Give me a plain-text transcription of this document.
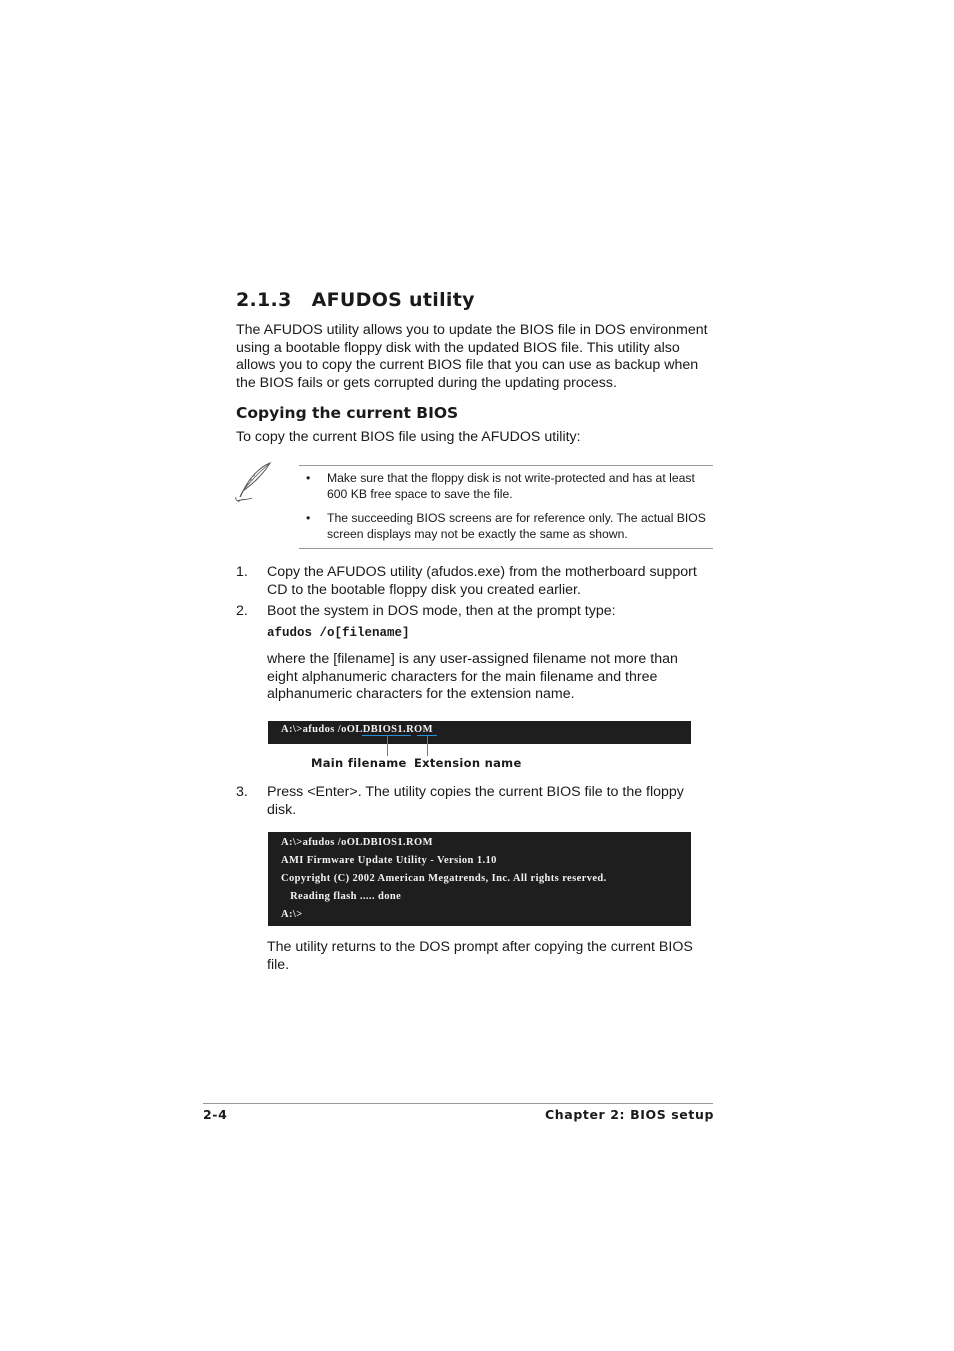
2.1.3 AFUDOS utility
The AFUDOS utility allows you to update the BIOS file in DOS environment using a bootable floppy disk with the updated BIOS file. This utility also allows you to copy the current BIOS file that you can use as backup when the BIOS fails or gets corrupted during the updating process.
Copying the current BIOS
To copy the current BIOS file using the AFUDOS utility:
• Make sure that the floppy disk is not write-protected and has at least 600 KB free space to save the file.
• The succeeding BIOS screens are for reference only. The actual BIOS screen displays may not be exactly the same as shown.
1. Copy the AFUDOS utility (afudos.exe) from the motherboard support CD to the bootable floppy disk you created earlier.
2. Boot the system in DOS mode, then at the prompt type:
afudos /o[filename]
where the [filename] is any user-assigned filename not more than eight alphanumeric characters for the main filename and three alphanumeric characters for the extension name.
A:\>afudos /oOLDBIOS1.ROM
Main filename Extension name
3. Press <Enter>. The utility copies the current BIOS file to the floppy disk.
A:\>afudos /oOLDBIOS1.ROM
AMI Firmware Update Utility - Version 1.10
Copyright (C) 2002 American Megatrends, Inc. All rights reserved.
Reading flash ..... done
A:\>
The utility returns to the DOS prompt after copying the current BIOS file.
2-4	Chapter 2: BIOS setup
